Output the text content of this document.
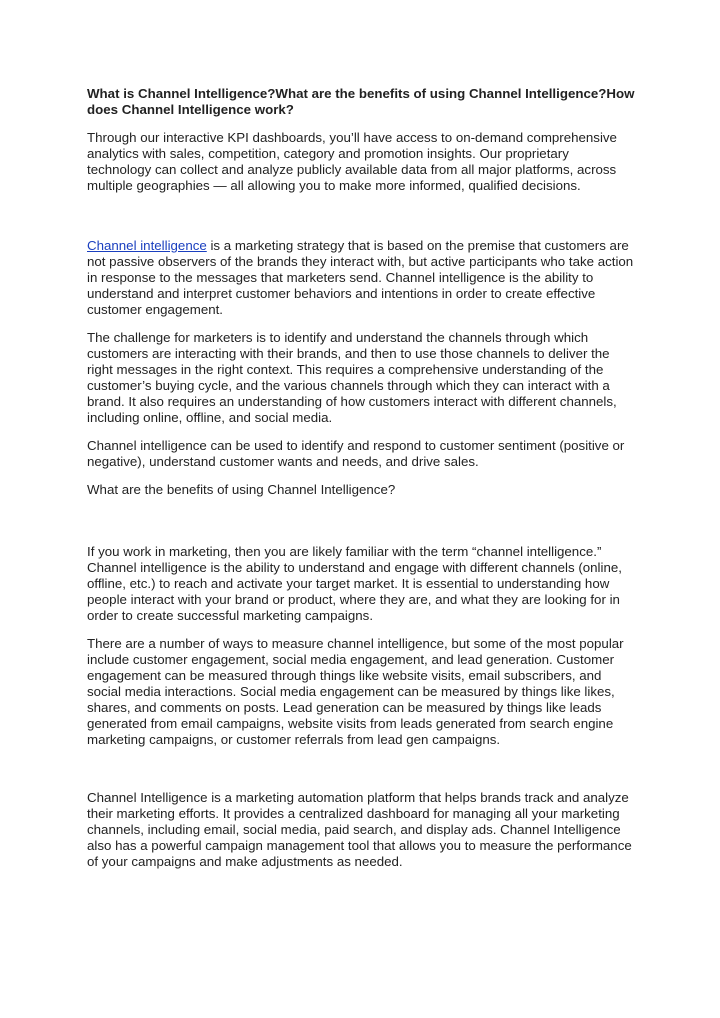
What is Channel Intelligence?What are the benefits of using Channel Intelligence?How does Channel Intelligence work?

Through our interactive KPI dashboards, you’ll have access to on-demand comprehensive analytics with sales, competition, category and promotion insights. Our proprietary technology can collect and analyze publicly available data from all major platforms, across multiple geographies — all allowing you to make more informed, qualified decisions.

Channel intelligence is a marketing strategy that is based on the premise that customers are not passive observers of the brands they interact with, but active participants who take action in response to the messages that marketers send. Channel intelligence is the ability to understand and interpret customer behaviors and intentions in order to create effective customer engagement.

The challenge for marketers is to identify and understand the channels through which customers are interacting with their brands, and then to use those channels to deliver the right messages in the right context. This requires a comprehensive understanding of the customer’s buying cycle, and the various channels through which they can interact with a brand. It also requires an understanding of how customers interact with different channels, including online, offline, and social media.

Channel intelligence can be used to identify and respond to customer sentiment (positive or negative), understand customer wants and needs, and drive sales.

What are the benefits of using Channel Intelligence?

If you work in marketing, then you are likely familiar with the term “channel intelligence.” Channel intelligence is the ability to understand and engage with different channels (online, offline, etc.) to reach and activate your target market. It is essential to understanding how people interact with your brand or product, where they are, and what they are looking for in order to create successful marketing campaigns.

There are a number of ways to measure channel intelligence, but some of the most popular include customer engagement, social media engagement, and lead generation. Customer engagement can be measured through things like website visits, email subscribers, and social media interactions. Social media engagement can be measured by things like likes, shares, and comments on posts. Lead generation can be measured by things like leads generated from email campaigns, website visits from leads generated from search engine marketing campaigns, or customer referrals from lead gen campaigns.

Channel Intelligence is a marketing automation platform that helps brands track and analyze their marketing efforts. It provides a centralized dashboard for managing all your marketing channels, including email, social media, paid search, and display ads. Channel Intelligence also has a powerful campaign management tool that allows you to measure the performance of your campaigns and make adjustments as needed.
